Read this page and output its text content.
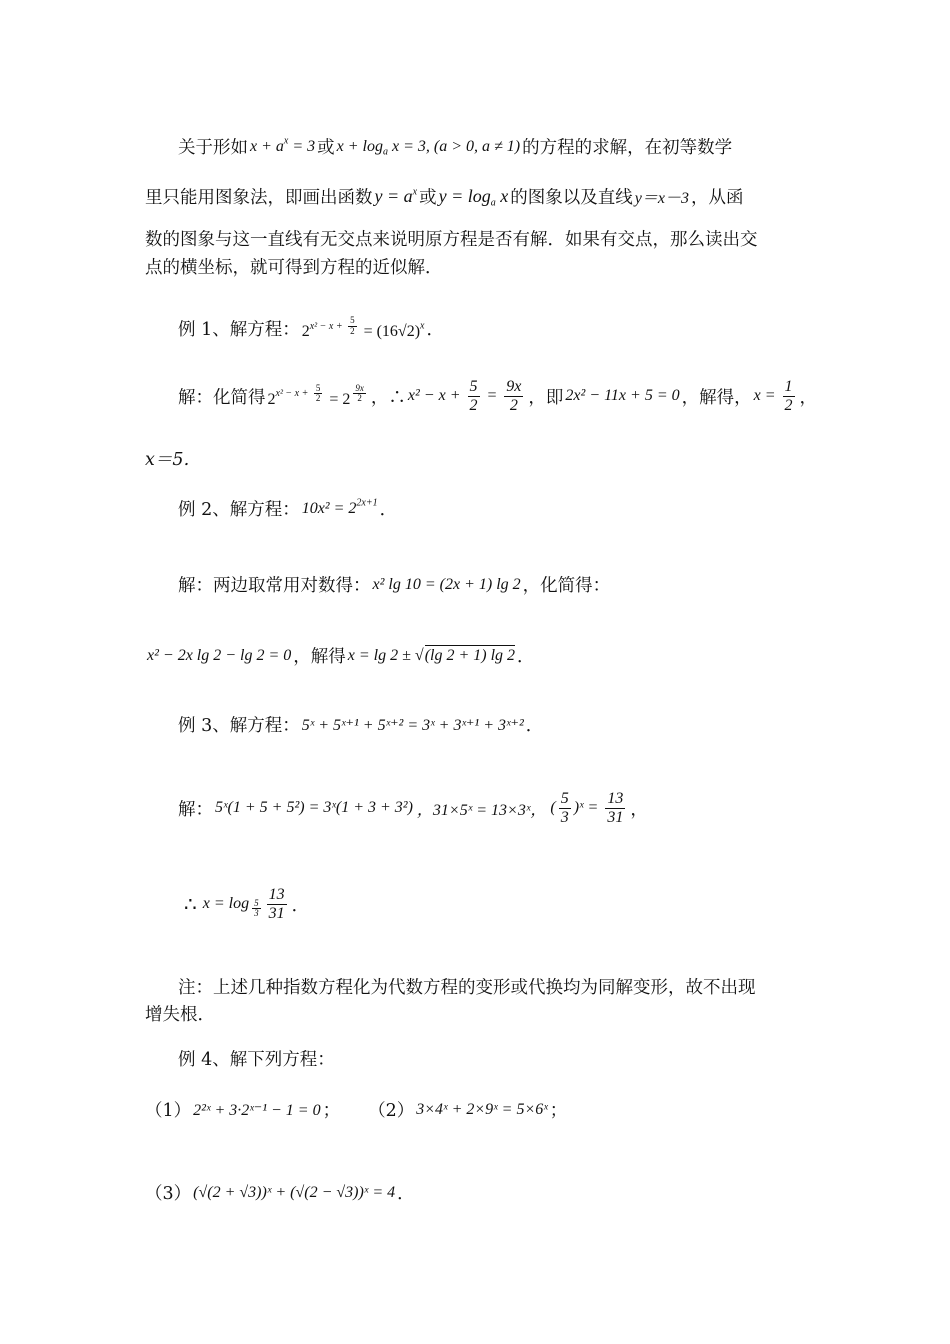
关于形如 $x + a^x = 3$ 或 $x + \log_a x = 3$, (a > 0, a ≠ 1) 的方程的求解，在初等数学
里只能用图象法，即画出函数 $y = a^x$ 或 $y = \log_a x$ 的图象以及直线 y＝x－3 ，从函
数的图象与这一直线有无交点来说明原方程是否有解．如果有交点，那么读出交
点的横坐标，就可得到方程的近似解．
例 1、解方程： $2^{x^2 - x + \frac{5}{2}} = (16√2)^x$ ．
解：化简得 $2^{x^2 - x + \frac{5}{2}} = 2$ $^{\frac{9x}{2}}$ ，∴ $x^2 - x + \frac{5}{2} = \frac{9x}{2}$ ，即 2x² − 11x + 5 = 0 ，解得， $x = \frac{1}{2}$ ，
x＝5．
例 2、解方程： $10x^2 = 2^{2x+1}$ ．
解：两边取常用对数得： x² lg 10 = (2x + 1) lg 2 ，化简得：
x² − 2x lg 2 − lg 2 = 0 ，解得 x = lg 2 ± √(lg 2 + 1) lg 2 ．
例 3、解方程： 5ˣ + 5ˣ⁺¹ + 5ˣ⁺² = 3ˣ + 3ˣ⁺¹ + 3ˣ⁺² ．
解： 5ˣ(1 + 5 + 5²) = 3ˣ(1 + 3 + 3²) ，31×5ˣ = 13×3ˣ， ( $\frac{5}{3}$ )ˣ = $\frac{13}{31}$ ，
∴ $x = \log _{\frac{5}{3}} \frac{13}{31}$ ．
注：上述几种指数方程化为代数方程的变形或代换均为同解变形，故不出现
增失根．
例 4、解下列方程：
（1） 2²ˣ + 3·2ˣ⁻¹ − 1 = 0 ； （2） 3×4ˣ + 2×9ˣ = 5×6ˣ ；
（3） (√(2 + √3))ˣ + (√(2 − √3))ˣ = 4 ．
